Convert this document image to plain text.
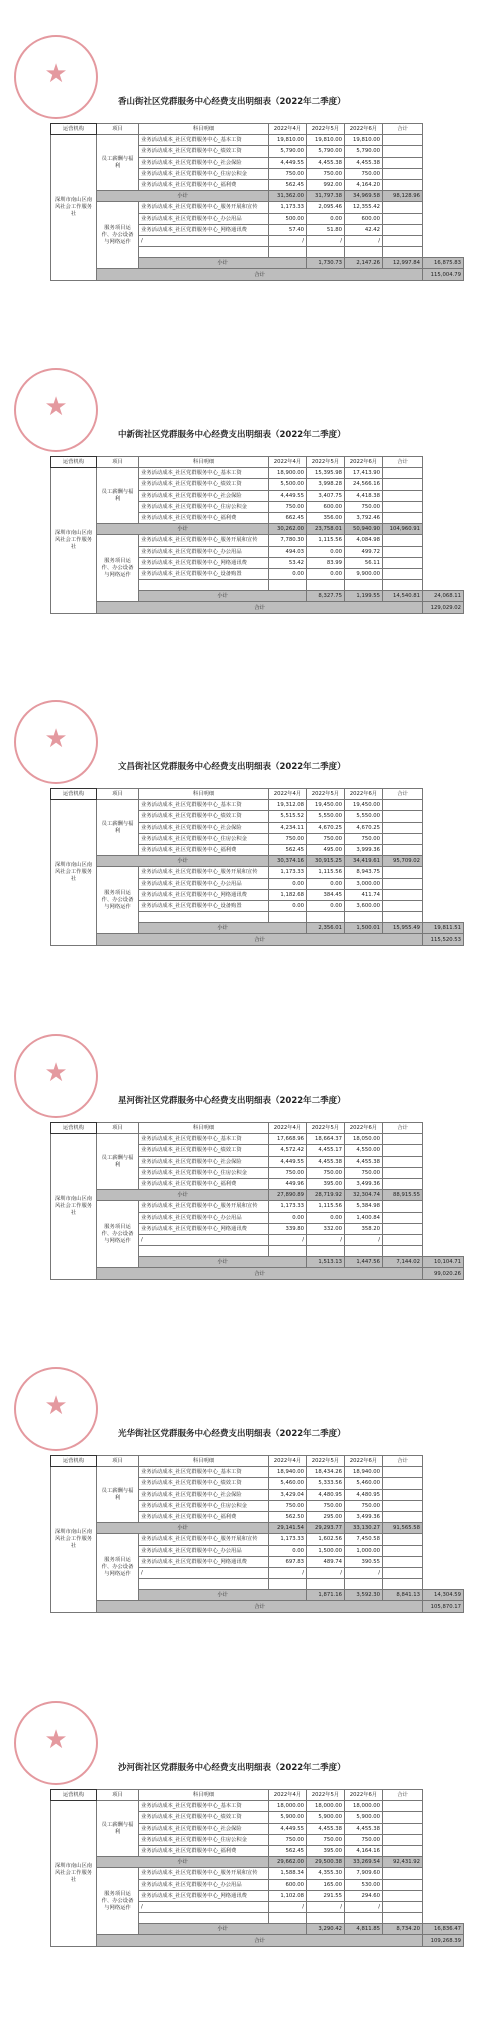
★
香山街社区党群服务中心经费支出明细表（2022年二季度）
运营机构	项目	科目明细	2022年4月	2022年5月	2022年6月	合计	
深圳市南山区南风社会工作服务社	员工薪酬与福利	业务活动成本_社区党群服务中心_基本工资	19,810.00	19,810.00	19,810.00		
		业务活动成本_社区党群服务中心_绩效工资	5,790.00	5,790.00	5,790.00		
		业务活动成本_社区党群服务中心_社会保险	4,449.55	4,455.38	4,455.38		
		业务活动成本_社区党群服务中心_住房公积金	750.00	750.00	750.00		
		业务活动成本_社区党群服务中心_福利费	562.45	992.00	4,164.20		
	小计		31,362.00	31,797.38	34,969.58	98,128.96	
	服务项目运作、办公设备与网络运作	业务活动成本_社区党群服务中心_服务开展和宣传	1,173.33	2,095.46	12,355.42		
		业务活动成本_社区党群服务中心_办公用品	500.00	0.00	600.00		
		业务活动成本_社区党群服务中心_网络通讯费	57.40	51.80	42.42		
		/	/	/	/		

		小计		1,730.73	2,147.26	12,997.84	16,875.83
	合计						115,004.79
★
中新街社区党群服务中心经费支出明细表（2022年二季度）
运营机构	项目	科目明细	2022年4月	2022年5月	2022年6月	合计	
深圳市南山区南风社会工作服务社	员工薪酬与福利	业务活动成本_社区党群服务中心_基本工资	18,900.00	15,395.98	17,413.90		
		业务活动成本_社区党群服务中心_绩效工资	5,500.00	3,998.28	24,566.16		
		业务活动成本_社区党群服务中心_社会保险	4,449.55	3,407.75	4,418.38		
		业务活动成本_社区党群服务中心_住房公积金	750.00	600.00	750.00		
		业务活动成本_社区党群服务中心_福利费	662.45	356.00	3,792.46		
	小计		30,262.00	23,758.01	50,940.90	104,960.91	
	服务项目运作、办公设备与网络运作	业务活动成本_社区党群服务中心_服务开展和宣传	7,780.30	1,115.56	4,084.98		
		业务活动成本_社区党群服务中心_办公用品	494.03	0.00	499.72		
		业务活动成本_社区党群服务中心_网络通讯费	53.42	83.99	56.11		
		业务活动成本_社区党群服务中心_设备购置	0.00	0.00	9,900.00		

		小计		8,327.75	1,199.55	14,540.81	24,068.11
	合计						129,029.02
★
文昌街社区党群服务中心经费支出明细表（2022年二季度）
运营机构	项目	科目明细	2022年4月	2022年5月	2022年6月	合计	
深圳市南山区南风社会工作服务社	员工薪酬与福利	业务活动成本_社区党群服务中心_基本工资	19,312.08	19,450.00	19,450.00		
		业务活动成本_社区党群服务中心_绩效工资	5,515.52	5,550.00	5,550.00		
		业务活动成本_社区党群服务中心_社会保险	4,234.11	4,670.25	4,670.25		
		业务活动成本_社区党群服务中心_住房公积金	750.00	750.00	750.00		
		业务活动成本_社区党群服务中心_福利费	562.45	495.00	3,999.36		
	小计		30,374.16	30,915.25	34,419.61	95,709.02	
	服务项目运作、办公设备与网络运作	业务活动成本_社区党群服务中心_服务开展和宣传	1,173.33	1,115.56	8,943.75		
		业务活动成本_社区党群服务中心_办公用品	0.00	0.00	3,000.00		
		业务活动成本_社区党群服务中心_网络通讯费	1,182.68	384.45	411.74		
		业务活动成本_社区党群服务中心_设备购置	0.00	0.00	3,600.00		

		小计		2,356.01	1,500.01	15,955.49	19,811.51
	合计						115,520.53
★
星河街社区党群服务中心经费支出明细表（2022年二季度）
运营机构	项目	科目明细	2022年4月	2022年5月	2022年6月	合计	
深圳市南山区南风社会工作服务社	员工薪酬与福利	业务活动成本_社区党群服务中心_基本工资	17,668.96	18,664.37	18,050.00		
		业务活动成本_社区党群服务中心_绩效工资	4,572.42	4,455.17	4,550.00		
		业务活动成本_社区党群服务中心_社会保险	4,449.55	4,455.38	4,455.38		
		业务活动成本_社区党群服务中心_住房公积金	750.00	750.00	750.00		
		业务活动成本_社区党群服务中心_福利费	449.96	395.00	3,499.36		
	小计		27,890.89	28,719.92	32,304.74	88,915.55	
	服务项目运作、办公设备与网络运作	业务活动成本_社区党群服务中心_服务开展和宣传	1,173.33	1,115.56	5,384.98		
		业务活动成本_社区党群服务中心_办公用品	0.00	0.00	1,400.84		
		业务活动成本_社区党群服务中心_网络通讯费	339.80	332.00	358.20		
		/	/	/	/		

		小计		1,513.13	1,447.56	7,144.02	10,104.71
	合计						99,020.26
★
光华街社区党群服务中心经费支出明细表（2022年二季度）
运营机构	项目	科目明细	2022年4月	2022年5月	2022年6月	合计	
深圳市南山区南风社会工作服务社	员工薪酬与福利	业务活动成本_社区党群服务中心_基本工资	18,940.00	18,434.26	18,940.00		
		业务活动成本_社区党群服务中心_绩效工资	5,460.00	5,333.56	5,460.00		
		业务活动成本_社区党群服务中心_社会保险	3,429.04	4,480.95	4,480.95		
		业务活动成本_社区党群服务中心_住房公积金	750.00	750.00	750.00		
		业务活动成本_社区党群服务中心_福利费	562.50	295.00	3,499.36		
	小计		29,141.54	29,293.77	33,130.27	91,565.58	
	服务项目运作、办公设备与网络运作	业务活动成本_社区党群服务中心_服务开展和宣传	1,173.33	1,602.56	7,450.58		
		业务活动成本_社区党群服务中心_办公用品	0.00	1,500.00	1,000.00		
		业务活动成本_社区党群服务中心_网络通讯费	697.83	489.74	390.55		
		/	/	/	/		

		小计		1,871.16	3,592.30	8,841.13	14,304.59
	合计						105,870.17
★
沙河街社区党群服务中心经费支出明细表（2022年二季度）
运营机构	项目	科目明细	2022年4月	2022年5月	2022年6月	合计	
深圳市南山区南风社会工作服务社	员工薪酬与福利	业务活动成本_社区党群服务中心_基本工资	18,000.00	18,000.00	18,000.00		
		业务活动成本_社区党群服务中心_绩效工资	5,900.00	5,900.00	5,900.00		
		业务活动成本_社区党群服务中心_社会保险	4,449.55	4,455.38	4,455.38		
		业务活动成本_社区党群服务中心_住房公积金	750.00	750.00	750.00		
		业务活动成本_社区党群服务中心_福利费	562.45	395.00	4,164.16		
	小计		29,662.00	29,500.38	33,269.54	92,431.92	
	服务项目运作、办公设备与网络运作	业务活动成本_社区党群服务中心_服务开展和宣传	1,588.34	4,355.30	7,909.60		
		业务活动成本_社区党群服务中心_办公用品	600.00	165.00	530.00		
		业务活动成本_社区党群服务中心_网络通讯费	1,102.08	291.55	294.60		
		/	/	/	/		

		小计		3,290.42	4,811.85	8,734.20	16,836.47
	合计						109,268.39
